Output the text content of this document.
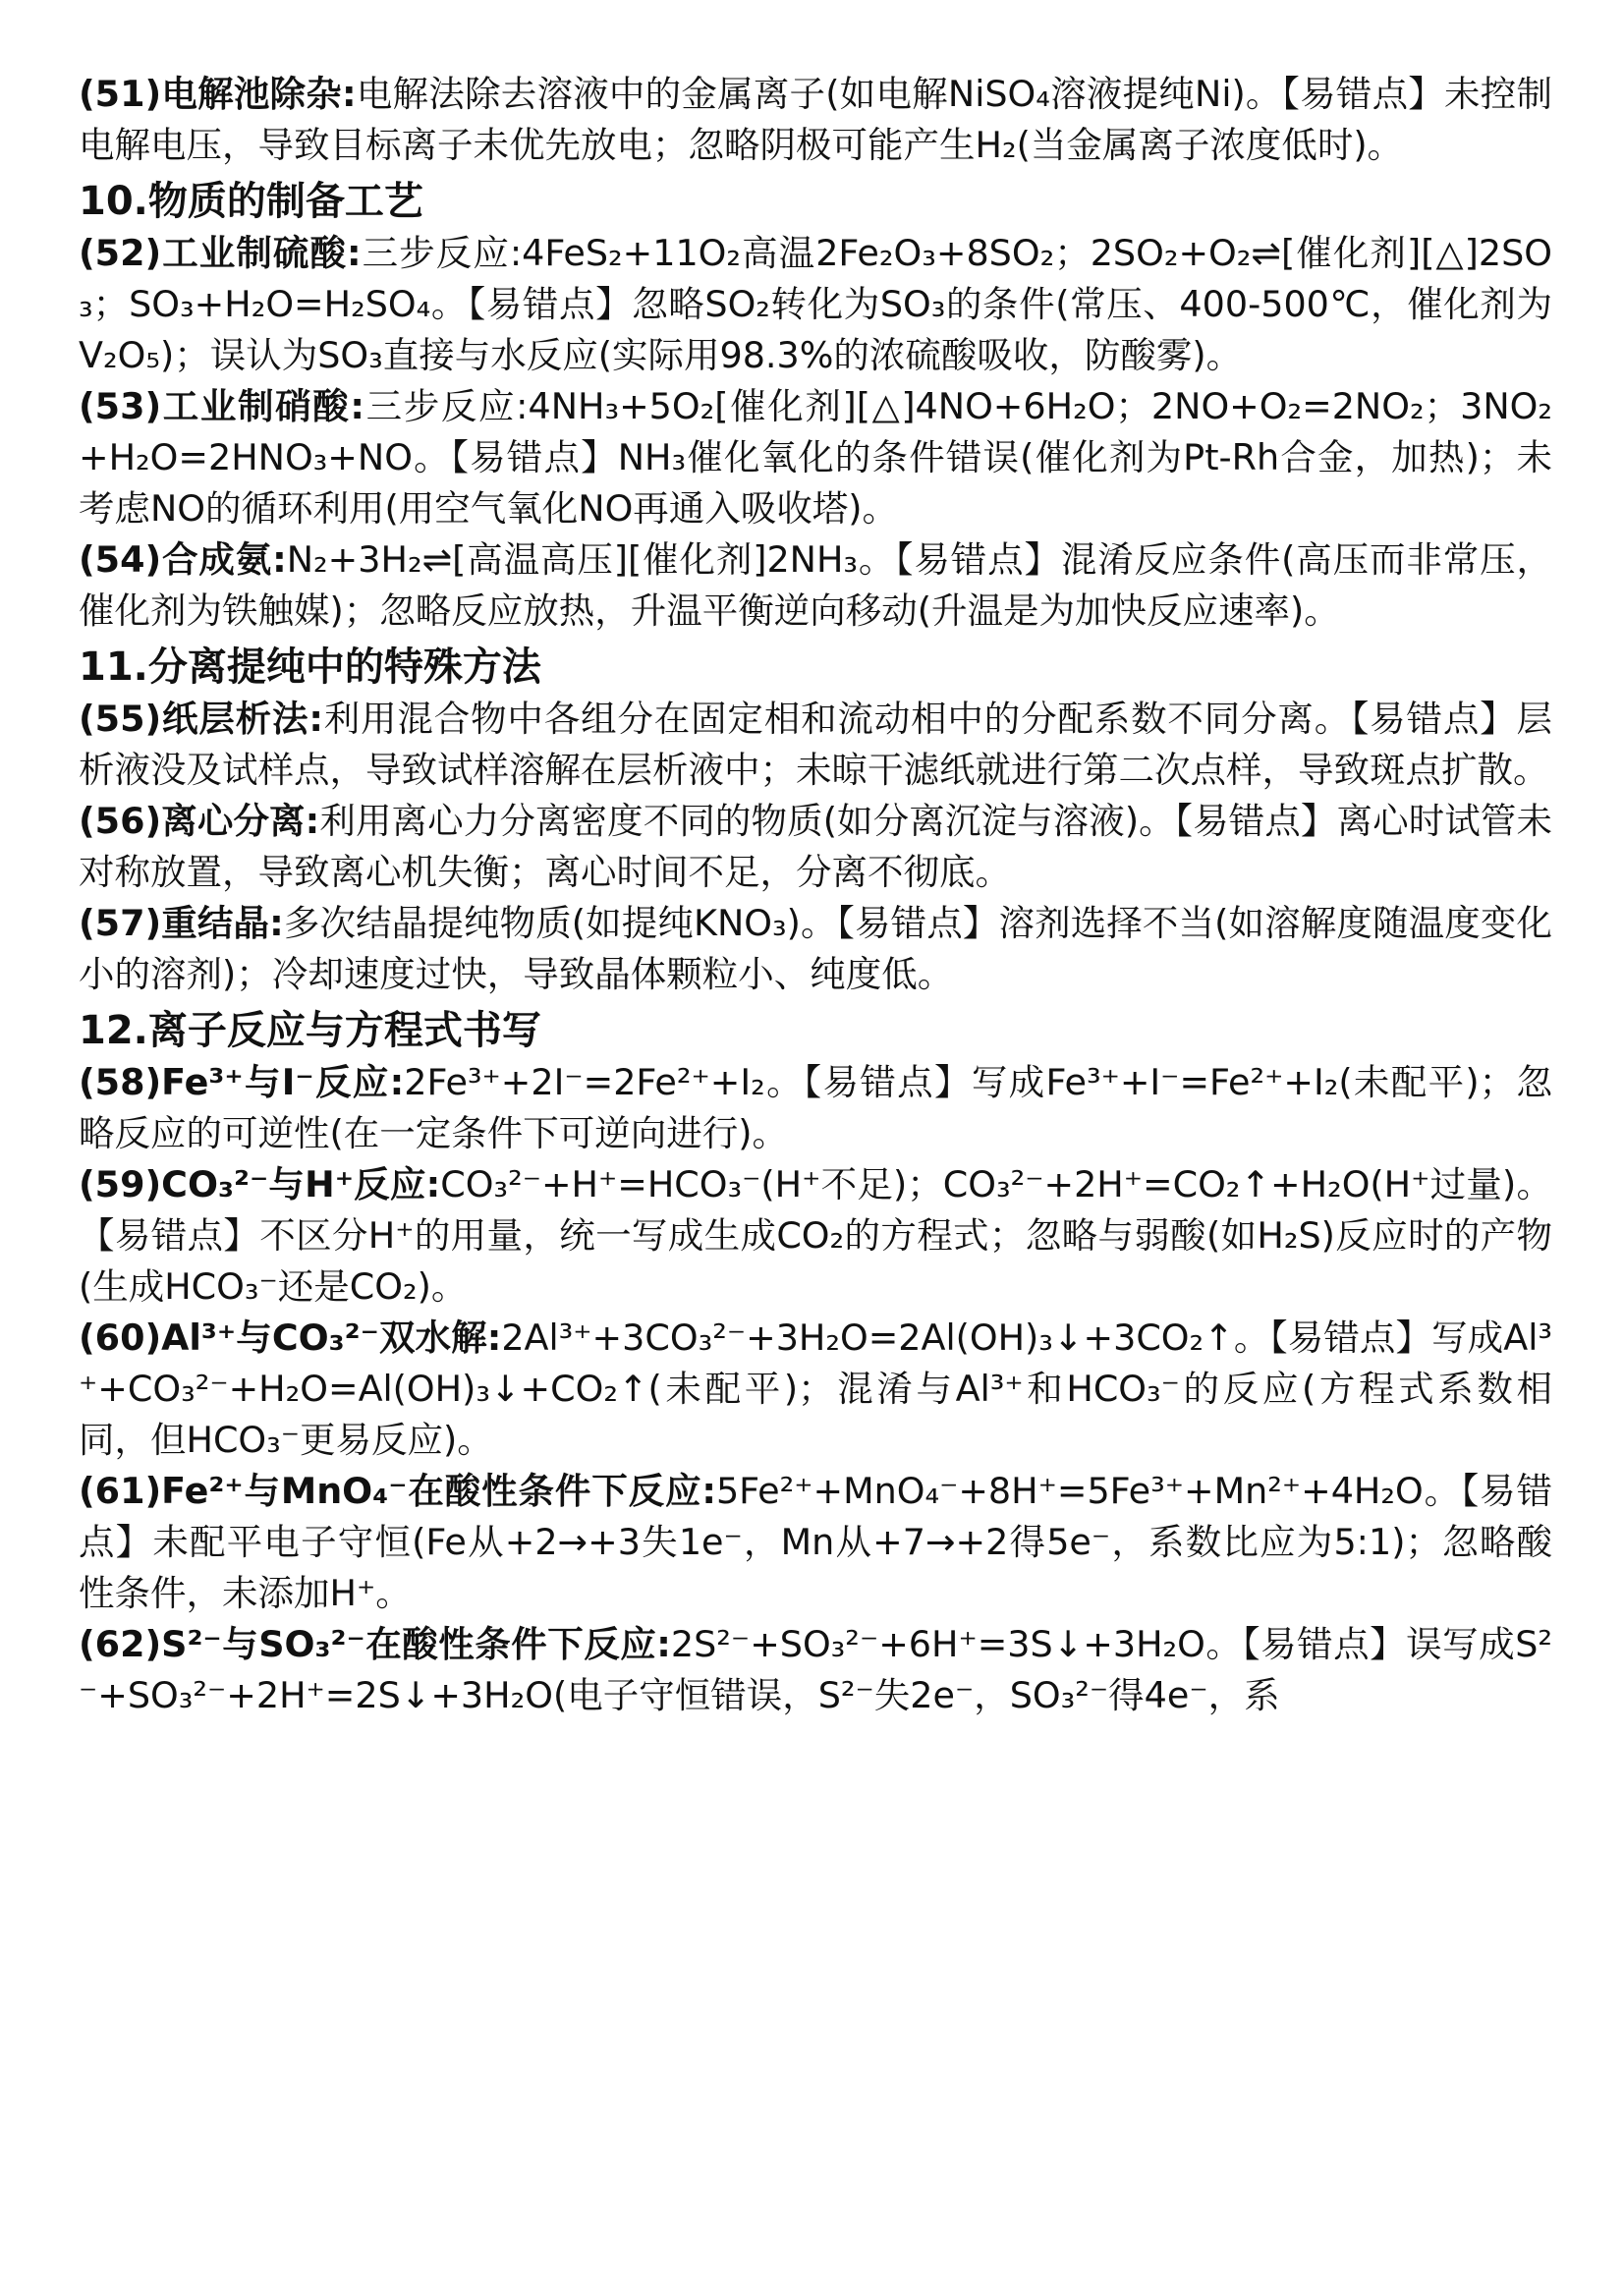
(51)电解池除杂:电解法除去溶液中的金属离子(如电解NiSO₄溶液提纯Ni)。【易错点】未控制电解电压，导致目标离子未优先放电；忽略阴极可能产生H₂(当金属离子浓度低时)。

10.物质的制备工艺

(52)工业制硫酸:三步反应:4FeS₂+11O₂高温2Fe₂O₃+8SO₂；2SO₂+O₂⇌[催化剂][△]2SO₃；SO₃+H₂O=H₂SO₄。【易错点】忽略SO₂转化为SO₃的条件(常压、400-500℃，催化剂为V₂O₅)；误认为SO₃直接与水反应(实际用98.3%的浓硫酸吸收，防酸雾)。

(53)工业制硝酸:三步反应:4NH₃+5O₂[催化剂][△]4NO+6H₂O；2NO+O₂=2NO₂；3NO₂+H₂O=2HNO₃+NO。【易错点】NH₃催化氧化的条件错误(催化剂为Pt-Rh合金，加热)；未考虑NO的循环利用(用空气氧化NO再通入吸收塔)。

(54)合成氨:N₂+3H₂⇌[高温高压][催化剂]2NH₃。【易错点】混淆反应条件(高压而非常压，催化剂为铁触媒)；忽略反应放热，升温平衡逆向移动(升温是为加快反应速率)。

11.分离提纯中的特殊方法

(55)纸层析法:利用混合物中各组分在固定相和流动相中的分配系数不同分离。【易错点】层析液没及试样点，导致试样溶解在层析液中；未晾干滤纸就进行第二次点样，导致斑点扩散。

(56)离心分离:利用离心力分离密度不同的物质(如分离沉淀与溶液)。【易错点】离心时试管未对称放置，导致离心机失衡；离心时间不足，分离不彻底。

(57)重结晶:多次结晶提纯物质(如提纯KNO₃)。【易错点】溶剂选择不当(如溶解度随温度变化小的溶剂)；冷却速度过快，导致晶体颗粒小、纯度低。

12.离子反应与方程式书写

(58)Fe³⁺与I⁻反应:2Fe³⁺+2I⁻=2Fe²⁺+I₂。【易错点】写成Fe³⁺+I⁻=Fe²⁺+I₂(未配平)；忽略反应的可逆性(在一定条件下可逆向进行)。

(59)CO₃²⁻与H⁺反应:CO₃²⁻+H⁺=HCO₃⁻(H⁺不足)；CO₃²⁻+2H⁺=CO₂↑+H₂O(H⁺过量)。【易错点】不区分H⁺的用量，统一写成生成CO₂的方程式；忽略与弱酸(如H₂S)反应时的产物(生成HCO₃⁻还是CO₂)。

(60)Al³⁺与CO₃²⁻双水解:2Al³⁺+3CO₃²⁻+3H₂O=2Al(OH)₃↓+3CO₂↑。【易错点】写成Al³⁺+CO₃²⁻+H₂O=Al(OH)₃↓+CO₂↑(未配平)；混淆与Al³⁺和HCO₃⁻的反应(方程式系数相同，但HCO₃⁻更易反应)。

(61)Fe²⁺与MnO₄⁻在酸性条件下反应:5Fe²⁺+MnO₄⁻+8H⁺=5Fe³⁺+Mn²⁺+4H₂O。【易错点】未配平电子守恒(Fe从+2→+3失1e⁻，Mn从+7→+2得5e⁻，系数比应为5:1)；忽略酸性条件，未添加H⁺。

(62)S²⁻与SO₃²⁻在酸性条件下反应:2S²⁻+SO₃²⁻+6H⁺=3S↓+3H₂O。【易错点】误写成S²⁻+SO₃²⁻+2H⁺=2S↓+3H₂O(电子守恒错误，S²⁻失2e⁻，SO₃²⁻得4e⁻，系
